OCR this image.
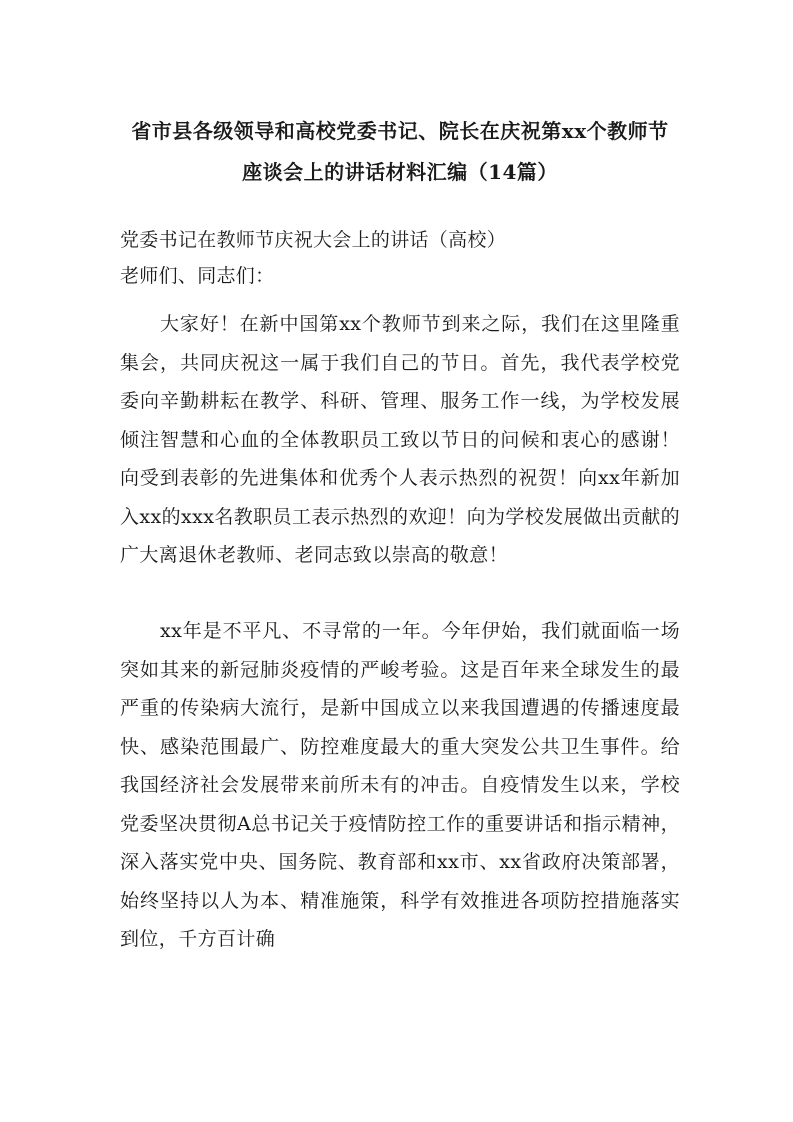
省市县各级领导和高校党委书记、院长在庆祝第xx个教师节
座谈会上的讲话材料汇编（14篇）
党委书记在教师节庆祝大会上的讲话（高校）
老师们、同志们：
大家好！在新中国第xx个教师节到来之际，我们在这里隆重集会，共同庆祝这一属于我们自己的节日。首先，我代表学校党委向辛勤耕耘在教学、科研、管理、服务工作一线，为学校发展倾注智慧和心血的全体教职员工致以节日的问候和衷心的感谢！向受到表彰的先进集体和优秀个人表示热烈的祝贺！向xx年新加入xx的xxx名教职员工表示热烈的欢迎！向为学校发展做出贡献的广大离退休老教师、老同志致以崇高的敬意！
xx年是不平凡、不寻常的一年。今年伊始，我们就面临一场突如其来的新冠肺炎疫情的严峻考验。这是百年来全球发生的最严重的传染病大流行，是新中国成立以来我国遭遇的传播速度最快、感染范围最广、防控难度最大的重大突发公共卫生事件。给我国经济社会发展带来前所未有的冲击。自疫情发生以来，学校党委坚决贯彻A总书记关于疫情防控工作的重要讲话和指示精神，深入落实党中央、国务院、教育部和xx市、xx省政府决策部署，始终坚持以人为本、精准施策，科学有效推进各项防控措施落实到位，千方百计确
